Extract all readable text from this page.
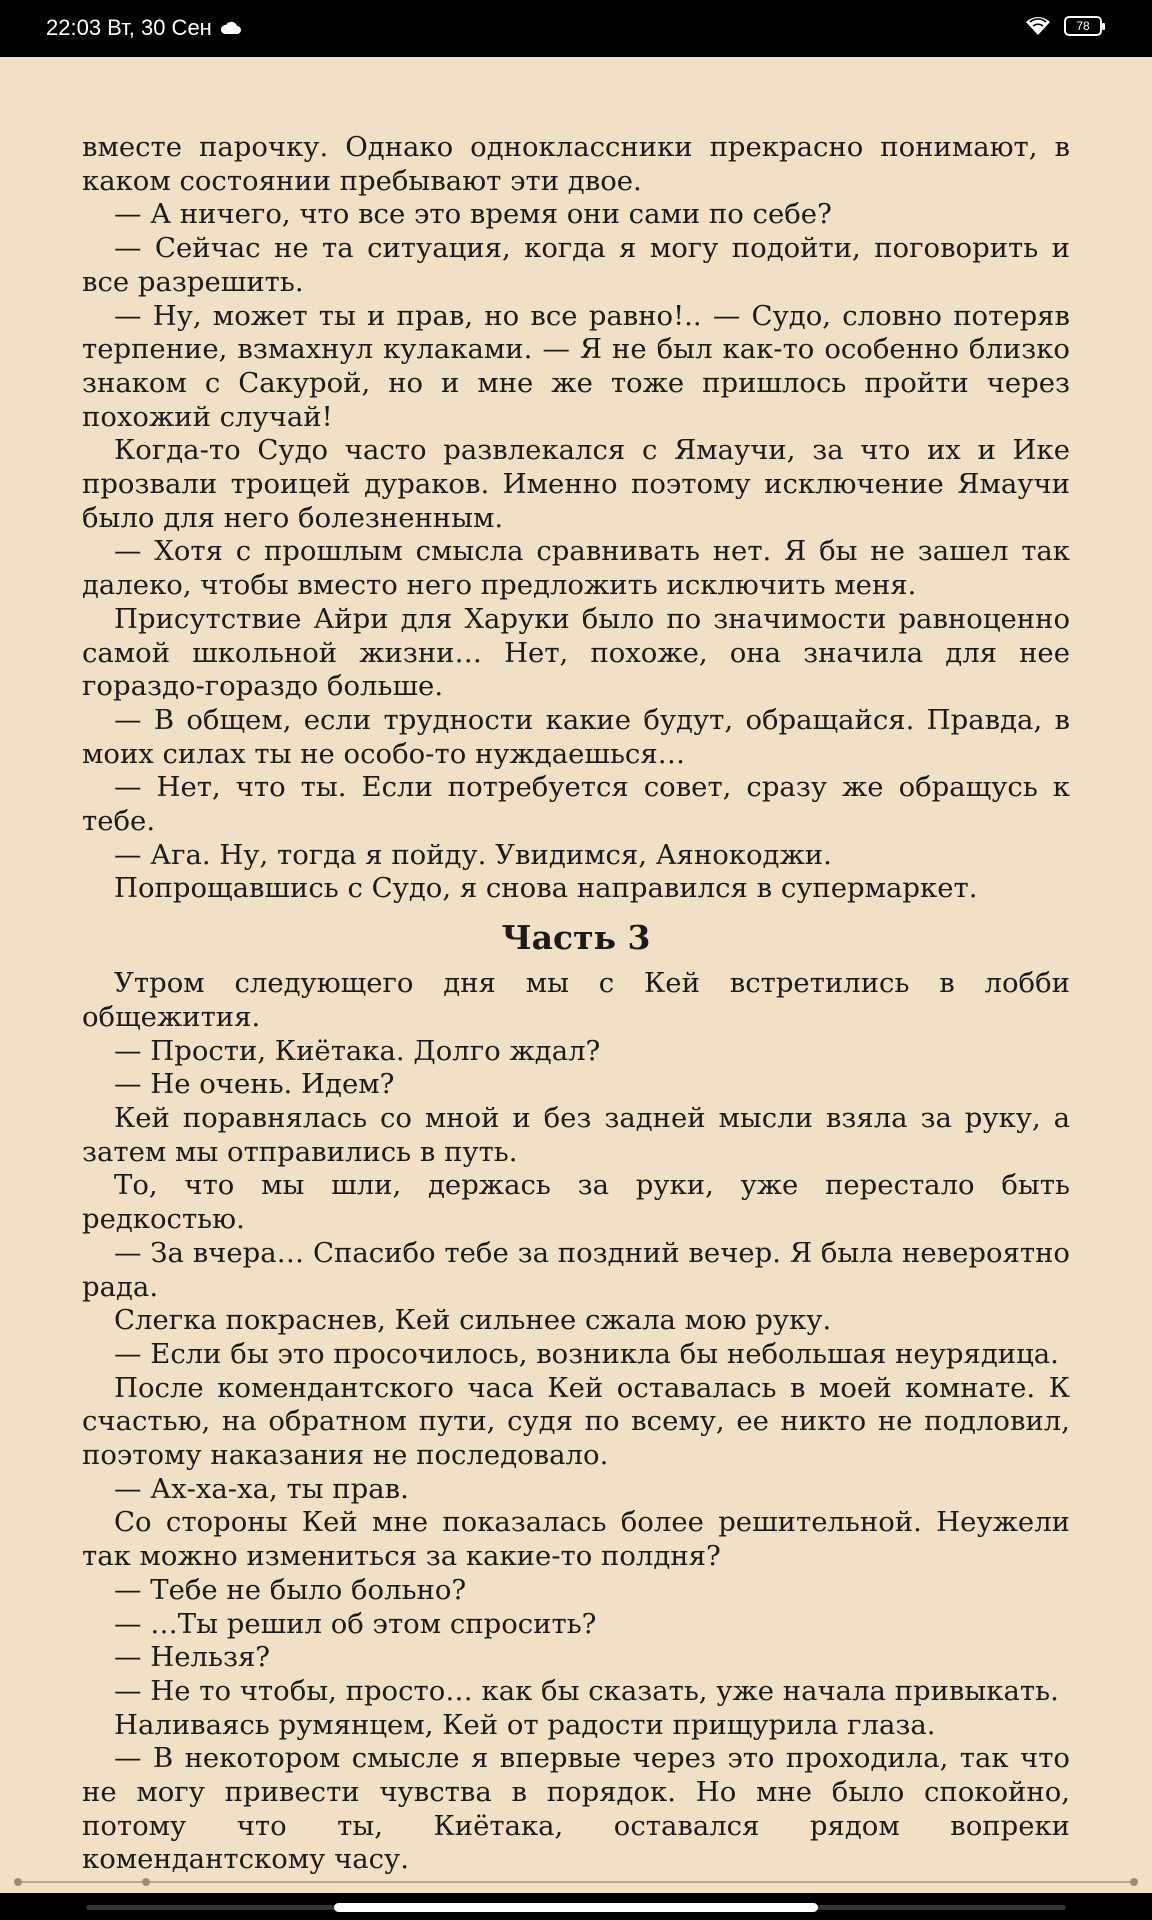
22:03 Вт, 30 Сен	78

вместе парочку. Однако одноклассники прекрасно понимают, в каком состоянии пребывают эти двое.

— А ничего, что все это время они сами по себе?

— Сейчас не та ситуация, когда я могу подойти, поговорить и все разрешить.

— Ну, может ты и прав, но все равно!.. — Судо, словно потеряв терпение, взмахнул кулаками. — Я не был как-то особенно близко знаком с Сакурой, но и мне же тоже пришлось пройти через похожий случай!

Когда-то Судо часто развлекался с Ямаучи, за что их и Ике прозвали троицей дураков. Именно поэтому исключение Ямаучи было для него болезненным.

— Хотя с прошлым смысла сравнивать нет. Я бы не зашел так далеко, чтобы вместо него предложить исключить меня.

Присутствие Айри для Харуки было по значимости равноценно самой школьной жизни… Нет, похоже, она значила для нее гораздо-гораздо больше.

— В общем, если трудности какие будут, обращайся. Правда, в моих силах ты не особо-то нуждаешься…

— Нет, что ты. Если потребуется совет, сразу же обращусь к тебе.

— Ага. Ну, тогда я пойду. Увидимся, Аянокоджи.

Попрощавшись с Судо, я снова направился в супермаркет.

Часть 3

Утром следующего дня мы с Кей встретились в лобби общежития.

— Прости, Киётака. Долго ждал?

— Не очень. Идем?

Кей поравнялась со мной и без задней мысли взяла за руку, а затем мы отправились в путь.

То, что мы шли, держась за руки, уже перестало быть редкостью.

— За вчера… Спасибо тебе за поздний вечер. Я была невероятно рада.

Слегка покраснев, Кей сильнее сжала мою руку.

— Если бы это просочилось, возникла бы небольшая неурядица.

После комендантского часа Кей оставалась в моей комнате. К счастью, на обратном пути, судя по всему, ее никто не подловил, поэтому наказания не последовало.

— Ах-ха-ха, ты прав.

Со стороны Кей мне показалась более решительной. Неужели так можно измениться за какие-то полдня?

— Тебе не было больно?

— …Ты решил об этом спросить?

— Нельзя?

— Не то чтобы, просто… как бы сказать, уже начала привыкать.

Наливаясь румянцем, Кей от радости прищурила глаза.

— В некотором смысле я впервые через это проходила, так что не могу привести чувства в порядок. Но мне было спокойно, потому что ты, Киётака, оставался рядом вопреки комендантскому часу.
